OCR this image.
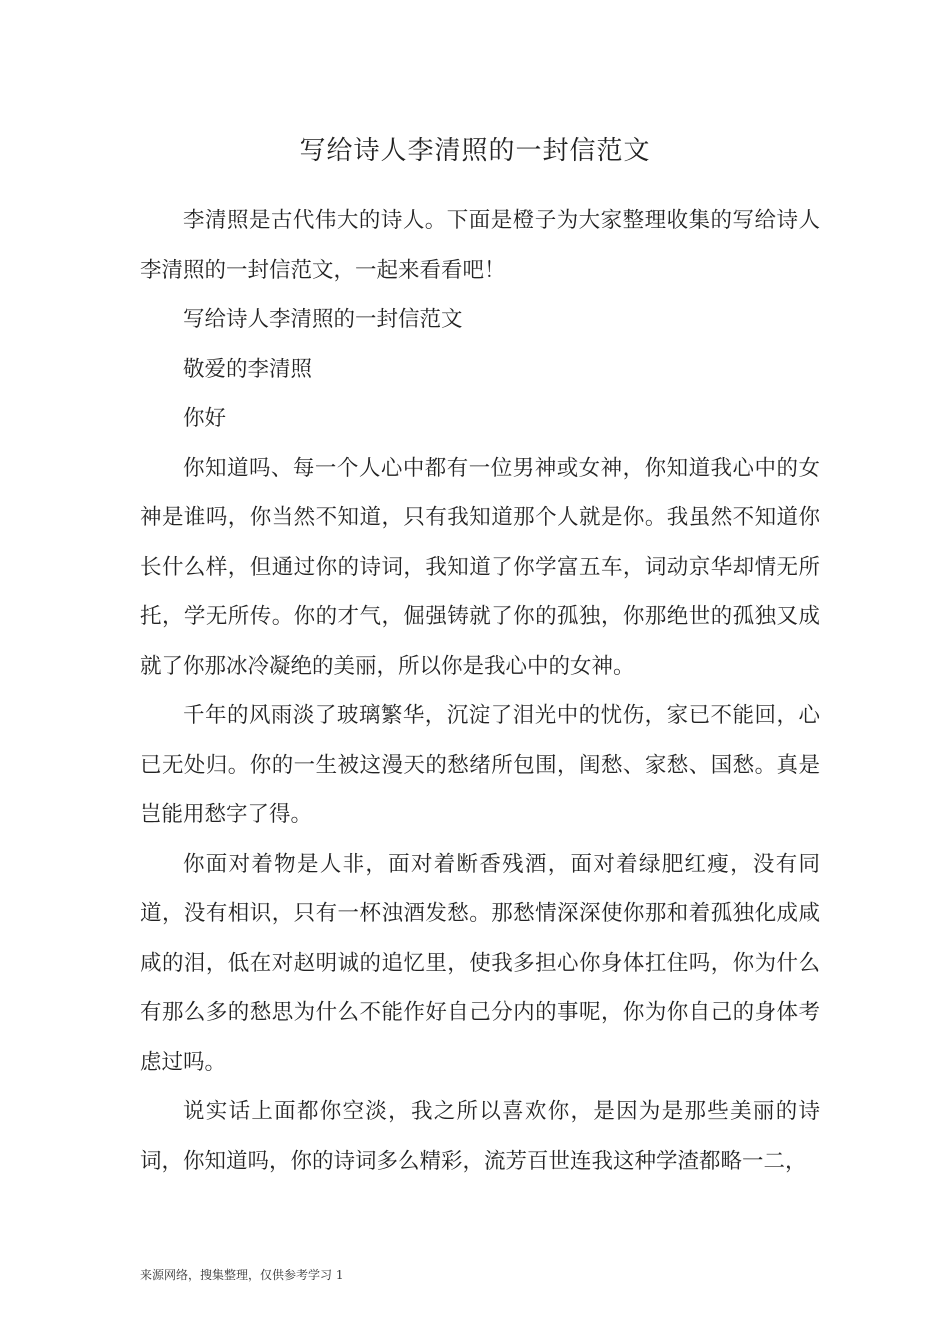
写给诗人李清照的一封信范文

李清照是古代伟大的诗人。下面是橙子为大家整理收集的写给诗人李清照的一封信范文，一起来看看吧！

写给诗人李清照的一封信范文

敬爱的李清照

你好

你知道吗、每一个人心中都有一位男神或女神，你知道我心中的女神是谁吗，你当然不知道，只有我知道那个人就是你。我虽然不知道你长什么样，但通过你的诗词，我知道了你学富五车，词动京华却情无所托，学无所传。你的才气，倔强铸就了你的孤独，你那绝世的孤独又成就了你那冰冷凝绝的美丽，所以你是我心中的女神。

千年的风雨淡了玻璃繁华，沉淀了泪光中的忧伤，家已不能回，心已无处归。你的一生被这漫天的愁绪所包围，闺愁、家愁、国愁。真是岂能用愁字了得。

你面对着物是人非，面对着断香残酒，面对着绿肥红瘦，没有同道，没有相识，只有一杯浊酒发愁。那愁情深深使你那和着孤独化成咸咸的泪，低在对赵明诚的追忆里，使我多担心你身体扛住吗，你为什么有那么多的愁思为什么不能作好自己分内的事呢，你为你自己的身体考虑过吗。

说实话上面都你空淡，我之所以喜欢你，是因为是那些美丽的诗词，你知道吗，你的诗词多么精彩，流芳百世连我这种学渣都略一二，

来源网络，搜集整理，仅供参考学习 1
